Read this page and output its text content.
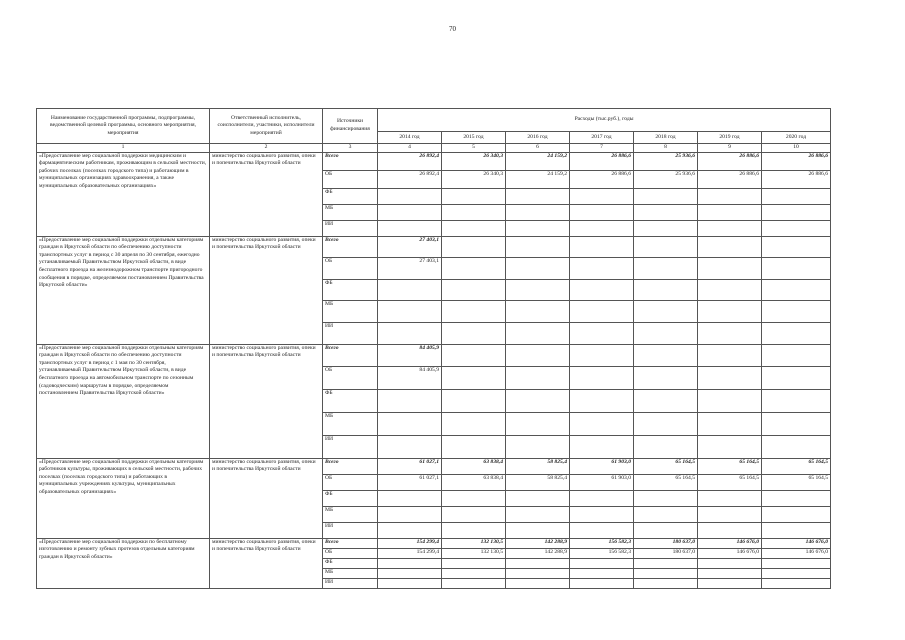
70
Наименование государственной программы, подпрограммы, ведомственной целевой программы, основного мероприятия, мероприятия	Ответственный исполнитель, соисполнители, участники, исполнители мероприятий	Источники финансирования	Расходы (тыс.руб.), годы						
			2014 год	2015 год	2016 год	2017 год	2018 год	2019 год	2020 год
1	2	3	4	5	6	7	8	9	10
«Предоставление мер социальной поддержки медицинским и фармацевтическим работникам, проживающим в сельской местности, рабочих поселках (поселках городского типа) и работающим в муниципальных организациях здравоохранения, а также муниципальных образовательных организациях»	министерство социального развития, опеки и попечительства Иркутской области	Всего	26 892,4	26 340,3	24 159,2	26 886,6	25 936,6	26 886,6	26 886,6
		ОБ	26 892,4	26 340,3	24 159,2	26 886,6	25 936,6	26 886,6	26 886,6
		ФБ							
		МБ							
		ИИ							
«Предоставление мер социальной поддержки отдельным категориям граждан в Иркутской области по обеспечению доступности транспортных услуг в период с 30 апреля по 30 сентября, ежегодно устанавливаемый Правительством Иркутской области, в виде бесплатного проезда на железнодорожном транспорте пригородного сообщения в порядке, определяемом постановлением Правительства Иркутской области»	министерство социального развития, опеки и попечительства Иркутской области	Всего	27 403,1						
		ОБ	27 403,1						
		ФБ							
		МБ							
		ИИ							
«Предоставление мер социальной поддержки отдельным категориям граждан в Иркутской области по обеспечению доступности транспортных услуг в период с 1 мая по 30 сентября, устанавливаемый Правительством Иркутской области, в виде бесплатного проезда на автомобильном транспорте по сезонным (садоводческим) маршрутам в порядке, определяемом постановлением Правительства Иркутской области»	министерство социального развития, опеки и попечительства Иркутской области	Всего	84 405,9						
		ОБ	84 405,9						
		ФБ							
		МБ							
		ИИ							
«Предоставление мер социальной поддержки отдельным категориям работников культуры, проживающих в сельской местности, рабочих поселках (поселках городского типа) и работающих в муниципальных учреждениях культуры, муниципальных образовательных организациях»	министерство социального развития, опеки и попечительства Иркутской области	Всего	61 027,1	63 838,4	58 825,4	61 903,0	65 164,5	65 164,5	65 164,5
		ОБ	61 027,1	63 838,4	58 825,4	61 903,0	65 164,5	65 164,5	65 164,5
		ФБ							
		МБ							
		ИИ							
«Предоставление мер социальной поддержки по бесплатному изготовлению и ремонту зубных протезов отдельным категориям граждан в Иркутской области»	министерство социального развития, опеки и попечительства Иркутской области	Всего	154 299,4	132 130,5	142 288,9	156 582,3	180 637,0	146 676,0	146 676,0
		ОБ	154 299,4	132 130,5	142 288,9	156 582,3	180 637,0	146 676,0	146 676,0
		ФБ							
		МБ							
		ИИ							
